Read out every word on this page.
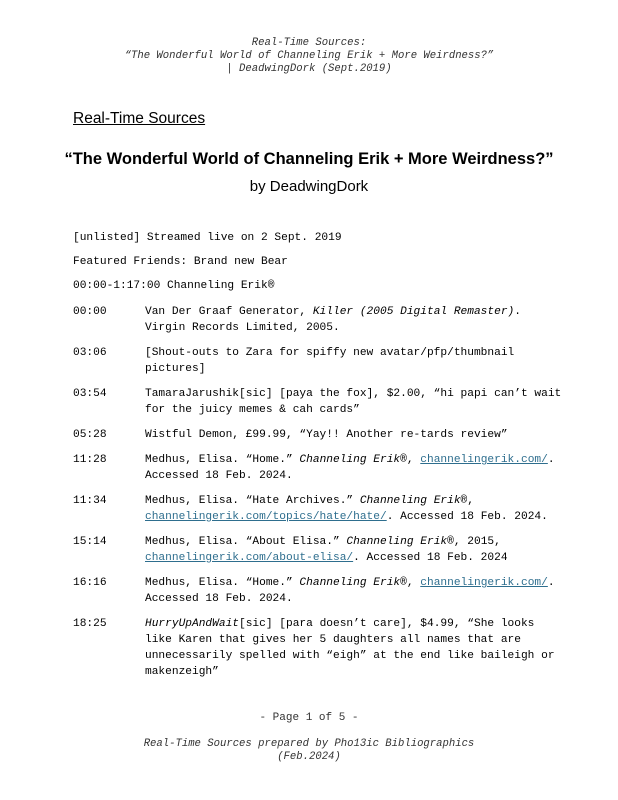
Real-Time Sources:
“The Wonderful World of Channeling Erik + More Weirdness?”
| DeadwingDork (Sept.2019)
Real-Time Sources
“The Wonderful World of Channeling Erik + More Weirdness?”
by DeadwingDork
[unlisted] Streamed live on 2 Sept. 2019
Featured Friends: Brand new Bear
00:00-1:17:00 Channeling Erik®
00:00	Van Der Graaf Generator, Killer (2005 Digital Remaster). Virgin Records Limited, 2005.
03:06	[Shout-outs to Zara for spiffy new avatar/pfp/thumbnail pictures]
03:54	TamaraJarushik[sic] [paya the fox], $2.00, “hi papi can’t wait for the juicy memes & cah cards”
05:28	Wistful Demon, £99.99, “Yay!! Another re-tards review”
11:28	Medhus, Elisa. “Home.” Channeling Erik®, channelingerik.com/. Accessed 18 Feb. 2024.
11:34	Medhus, Elisa. “Hate Archives.” Channeling Erik®, channelingerik.com/topics/hate/hate/. Accessed 18 Feb. 2024.
15:14	Medhus, Elisa. “About Elisa.” Channeling Erik®, 2015, channelingerik.com/about-elisa/. Accessed 18 Feb. 2024
16:16	Medhus, Elisa. “Home.” Channeling Erik®, channelingerik.com/. Accessed 18 Feb. 2024.
18:25	HurryUpAndWait[sic] [para doesn’t care], $4.99, “She looks like Karen that gives her 5 daughters all names that are unnecessarily spelled with “eigh” at the end like baileigh or makenzeigh”
- Page 1 of 5 -
Real-Time Sources prepared by Pho13ic Bibliographics
(Feb.2024)
